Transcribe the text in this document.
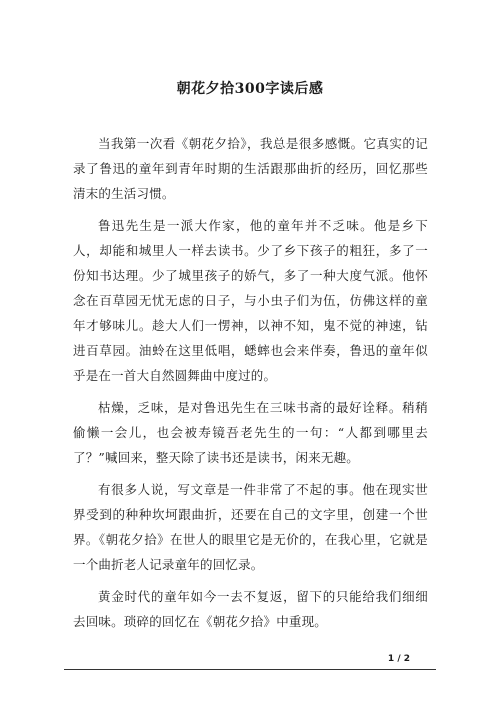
朝花夕拾300字读后感

当我第一次看《朝花夕拾》，我总是很多感慨。它真实的记录了鲁迅的童年到青年时期的生活跟那曲折的经历，回忆那些清末的生活习惯。

鲁迅先生是一派大作家，他的童年并不乏味。他是乡下人，却能和城里人一样去读书。少了乡下孩子的粗狂，多了一份知书达理。少了城里孩子的娇气，多了一种大度气派。他怀念在百草园无忧无虑的日子，与小虫子们为伍，仿佛这样的童年才够味儿。趁大人们一愣神，以神不知，鬼不觉的神速，钻进百草园。油蛉在这里低唱，蟋蟀也会来伴奏，鲁迅的童年似乎是在一首大自然圆舞曲中度过的。

枯燥，乏味，是对鲁迅先生在三味书斋的最好诠释。稍稍偷懒一会儿，也会被寿镜吾老先生的一句：“人都到哪里去了？”喊回来，整天除了读书还是读书，闲来无趣。

有很多人说，写文章是一件非常了不起的事。他在现实世界受到的种种坎坷跟曲折，还要在自己的文字里，创建一个世界。《朝花夕拾》在世人的眼里它是无价的，在我心里，它就是一个曲折老人记录童年的回忆录。

黄金时代的童年如今一去不复返，留下的只能给我们细细去回味。琐碎的回忆在《朝花夕拾》中重现。

1 / 2
